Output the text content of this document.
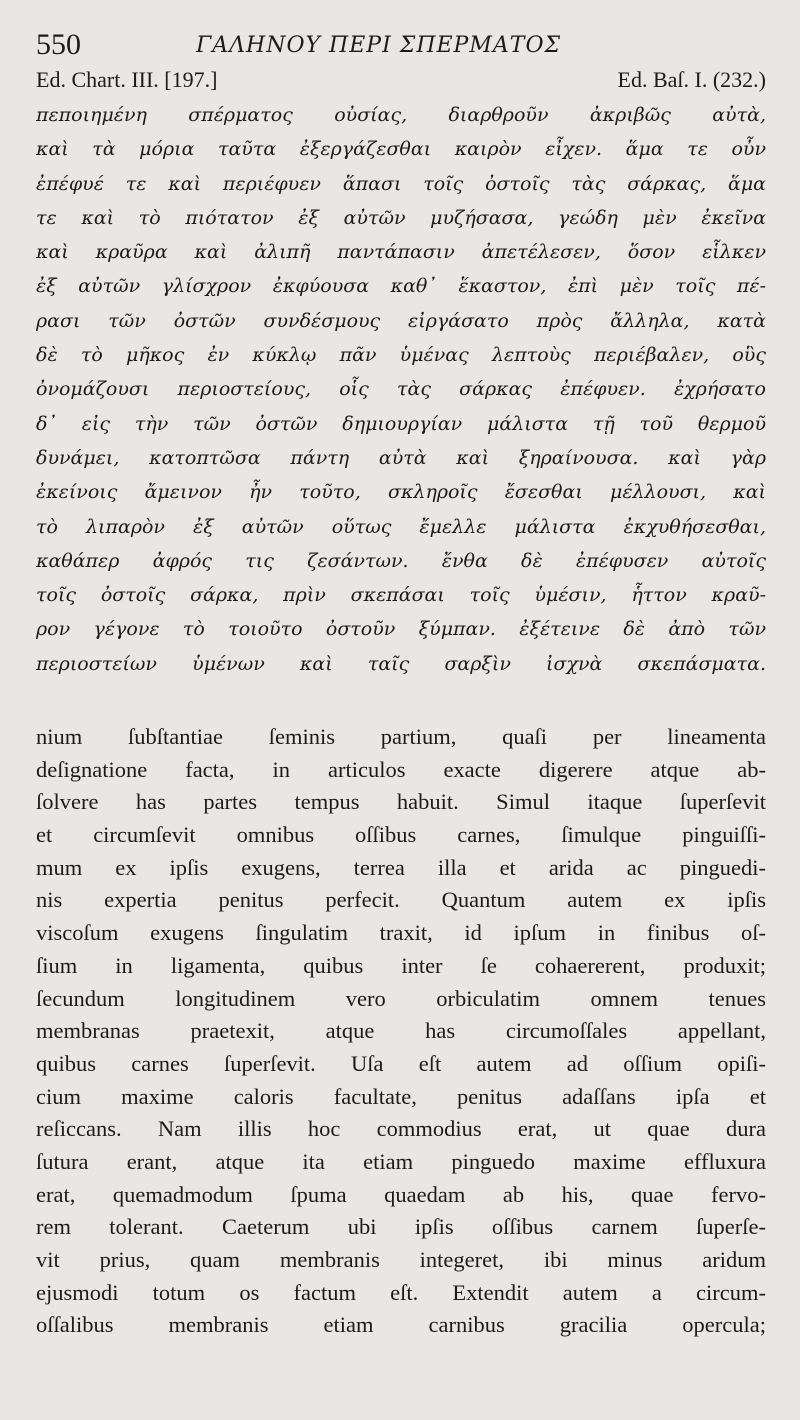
550	ΓΑΛΗΝΟΥ ΠΕΡΙ ΣΠΕΡΜΑΤΟΣ
Ed. Chart. III. [197.]	Ed. Baſ. I. (232.)
πεποιημένη σπέρματος οὐσίας, διαρθροῦν ἀκριβῶς αὐτὰ,
καὶ τὰ μόρια ταῦτα ἐξεργάζεσθαι καιρὸν εἶχεν. ἅμα τε οὖν
ἐπέφυέ τε καὶ περιέφυεν ἅπασι τοῖς ὀστοῖς τὰς σάρκας, ἅμα
τε καὶ τὸ πιότατον ἐξ αὐτῶν μυζήσασα, γεώδη μὲν ἐκεῖνα
καὶ κραῦρα καὶ ἀλιπῆ παντάπασιν ἀπετέλεσεν, ὅσον εἷλκεν
ἐξ αὐτῶν γλίσχρον ἐκφύουσα καθ᾽ ἕκαστον, ἐπὶ μὲν τοῖς πέ-
ρασι τῶν ὀστῶν συνδέσμους εἰργάσατο πρὸς ἄλληλα, κατὰ
δὲ τὸ μῆκος ἐν κύκλῳ πᾶν ὑμένας λεπτοὺς περιέβαλεν, οὓς
ὀνομάζουσι περιοστείους, οἷς τὰς σάρκας ἐπέφυεν. ἐχρήσατο
δ᾽ εἰς τὴν τῶν ὀστῶν δημιουργίαν μάλιστα τῇ τοῦ θερμοῦ
δυνάμει, κατοπτῶσα πάντη αὐτὰ καὶ ξηραίνουσα. καὶ γὰρ
ἐκείνοις ἄμεινον ἦν τοῦτο, σκληροῖς ἔσεσθαι μέλλουσι, καὶ
τὸ λιπαρὸν ἐξ αὐτῶν οὕτως ἔμελλε μάλιστα ἐκχυθήσεσθαι,
καθάπερ ἀφρός τις ζεσάντων. ἔνθα δὲ ἐπέφυσεν αὐτοῖς
τοῖς ὀστοῖς σάρκα, πρὶν σκεπάσαι τοῖς ὑμέσιν, ἧττον κραῦ-
ρον γέγονε τὸ τοιοῦτο ὀστοῦν ξύμπαν. ἐξέτεινε δὲ ἀπὸ τῶν
περιοστείων ὑμένων καὶ ταῖς σαρξὶν ἰσχνὰ σκεπάσματα.
nium ſubſtantiae ſeminis partium, quaſi per lineamenta
deſignatione facta, in articulos exacte digerere atque ab-
ſolvere has partes tempus habuit. Simul itaque ſuperſevit
et circumſevit omnibus oſſibus carnes, ſimulque pinguiſſi-
mum ex ipſis exugens, terrea illa et arida ac pinguedi-
nis expertia penitus perfecit. Quantum autem ex ipſis
viscoſum exugens ſingulatim traxit, id ipſum in finibus oſ-
ſium in ligamenta, quibus inter ſe cohaererent, produxit;
ſecundum longitudinem vero orbiculatim omnem tenues
membranas praetexit, atque has circumoſſales appellant,
quibus carnes ſuperſevit. Uſa eſt autem ad oſſium opiſi-
cium maxime caloris facultate, penitus adaſſans ipſa et
reſiccans. Nam illis hoc commodius erat, ut quae dura
ſutura erant, atque ita etiam pinguedo maxime effluxura
erat, quemadmodum ſpuma quaedam ab his, quae fervo-
rem tolerant. Caeterum ubi ipſis oſſibus carnem ſuperſe-
vit prius, quam membranis integeret, ibi minus aridum
ejusmodi totum os factum eſt. Extendit autem a circum-
oſſalibus membranis etiam carnibus gracilia opercula;
